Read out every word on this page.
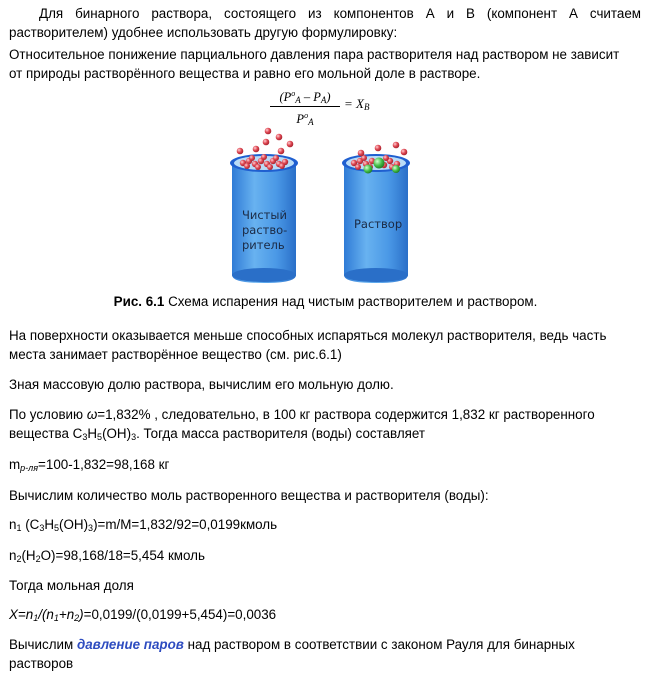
Для бинарного раствора, состоящего из компонентов А и В (компонент А считаем

растворителем) удобнее использовать другую формулировку:

Относительное понижение парциального давления пара растворителя над раствором не зависит

от природы растворённого вещества и равно его мольной доле в растворе.

$(P^o_A - P_A)$
$P^o_A$
= $X_B$
Чистый
раство-
ритель
Раствор
Рис. 6.1 Схема испарения над чистым растворителем и раствором.

На поверхности оказывается меньше способных испаряться молекул растворителя, ведь часть

места занимает растворённое вещество (см. рис.6.1)

Зная массовую долю раствора, вычислим его мольную долю.

По условию ω=1,832% , следовательно, в 100 кг раствора содержится 1,832 кг растворенного

вещества $C_3H_5(OH)_3$. Тогда масса растворителя (воды) составляет

$m_{р-ля}=100-1,832=98,168$ кг

Вычислим количество моль растворенного вещества и растворителя (воды):

$n_1$ $(C_3H_5(OH)_3)=m/M=1,832/92=0,0199кмоль$

$n_2(H_2O)=98,168/18=5,454$ кмоль

Тогда мольная доля

$X=n_1/(n_1+n_2)=0,0199/(0,0199+5,454)=0,0036$

Вычислим давление паров над раствором в соответствии с законом Рауля для бинарных

растворов
